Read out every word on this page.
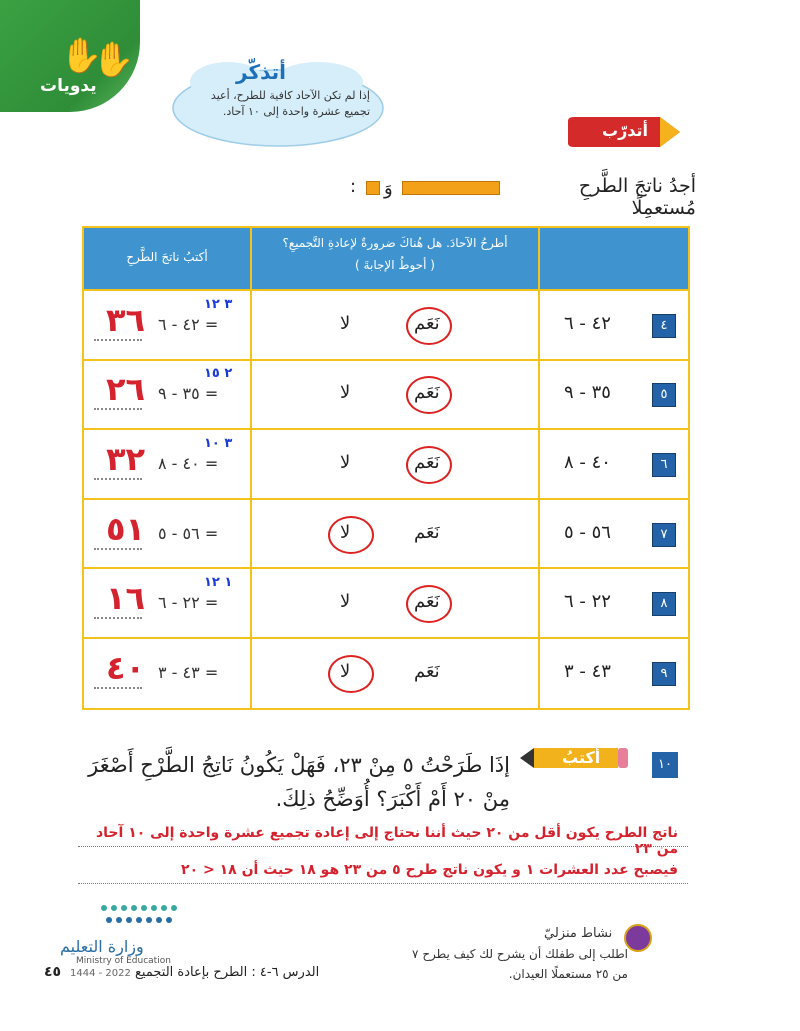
✋
✋
يدويات
أتذكّر
إذا لم تكن الآحاد كافية للطرح، أعيد تجميع عشرة واحدة إلى ١٠ آحاد.
أتدرّب
أجدُ ناتجَ الطَّرحِ مُستعمِلًا
وَ
:
أكتبُ ناتجَ الطَّرحِ
أطرحُ الآحادَ. هل هُناكَ ضرورةٌ لإعادةِ التَّجميعِ؟
( أحوطُ الإجابةَ )
٤
٤٢ - ٦
نَعَم
لا
٣٦ ٤٢ - ٦ =
٣ ١٢
٥
٣٥ - ٩
نَعَم
لا
٢٦ ٣٥ - ٩ =
٢ ١٥
٦
٤٠ - ٨
نَعَم
لا
٣٢ ٤٠ - ٨ =
٣ ١٠
٧
٥٦ - ٥
نَعَم
لا
٥١ ٥٦ - ٥ =
٨
٢٢ - ٦
نَعَم
لا
١٦ ٢٢ - ٦ =
١ ١٢
٩
٤٣ - ٣
نَعَم
لا
٤٠ ٤٣ - ٣ =
١٠
أكتبُ
إذَا طَرَحْتُ ٥ مِنْ ٢٣، فَهَلْ يَكُونُ نَاتِجُ الطَّرْحِ أَصْغَرَ مِنْ ٢٠ أَمْ أَكْبَرَ؟ أُوَضِّحُ ذلِكَ.
ناتج الطرح يكون أقل من ٢٠ حيث أننا نحتاج إلى إعادة تجميع عشرة واحدة إلى ١٠ آحاد من ٢٣
فيصبح عدد العشرات ١ و يكون ناتج طرح ٥ من ٢٣ هو ١٨ حيث أن ١٨ < ٢٠
نشاط منزليّ
اطلب إلى طفلك أن يشرح لك كيف يطرح ٧ من ٢٥ مستعملًا العيدان.
وزارة التعليم
Ministry of Education
الدرس ٦-٤ : الطرح بإعادة التجميع 2022 - 1444
٤٥
